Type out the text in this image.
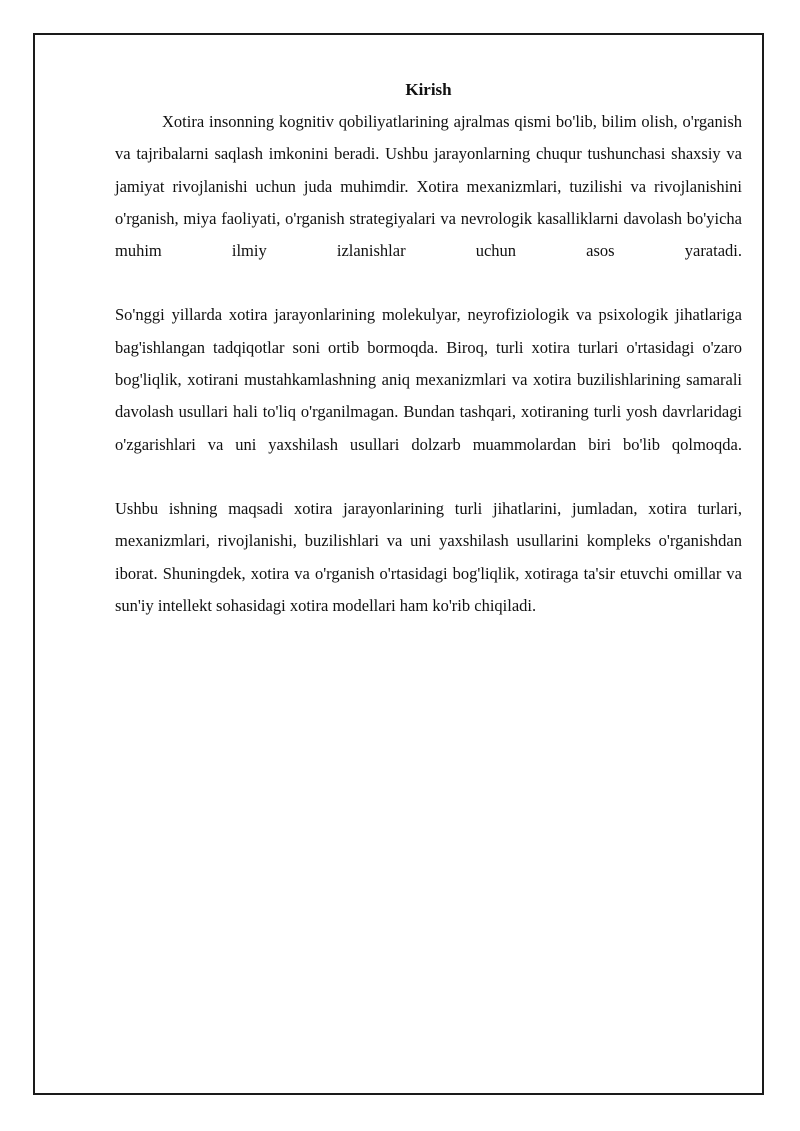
Kirish

Xotira insonning kognitiv qobiliyatlarining ajralmas qismi bo'lib, bilim olish, o'rganish va tajribalarni saqlash imkonini beradi. Ushbu jarayonlarning chuqur tushunchasi shaxsiy va jamiyat rivojlanishi uchun juda muhimdir. Xotira mexanizmlari, tuzilishi va rivojlanishini o'rganish, miya faoliyati, o'rganish strategiyalari va nevrologik kasalliklarni davolash bo'yicha muhim ilmiy izlanishlar uchun asos yaratadi.

So'nggi yillarda xotira jarayonlarining molekulyar, neyrofiziologik va psixologik jihatlariga bag'ishlangan tadqiqotlar soni ortib bormoqda. Biroq, turli xotira turlari o'rtasidagi o'zaro bog'liqlik, xotirani mustahkamlashning aniq mexanizmlari va xotira buzilishlarining samarali davolash usullari hali to'liq o'rganilmagan. Bundan tashqari, xotiraning turli yosh davrlaridagi o'zgarishlari va uni yaxshilash usullari dolzarb muammolardan biri bo'lib qolmoqda.

Ushbu ishning maqsadi xotira jarayonlarining turli jihatlarini, jumladan, xotira turlari, mexanizmlari, rivojlanishi, buzilishlari va uni yaxshilash usullarini kompleks o'rganishdan iborat. Shuningdek, xotira va o'rganish o'rtasidagi bog'liqlik, xotiraga ta'sir etuvchi omillar va sun'iy intellekt sohasidagi xotira modellari ham ko'rib chiqiladi.
